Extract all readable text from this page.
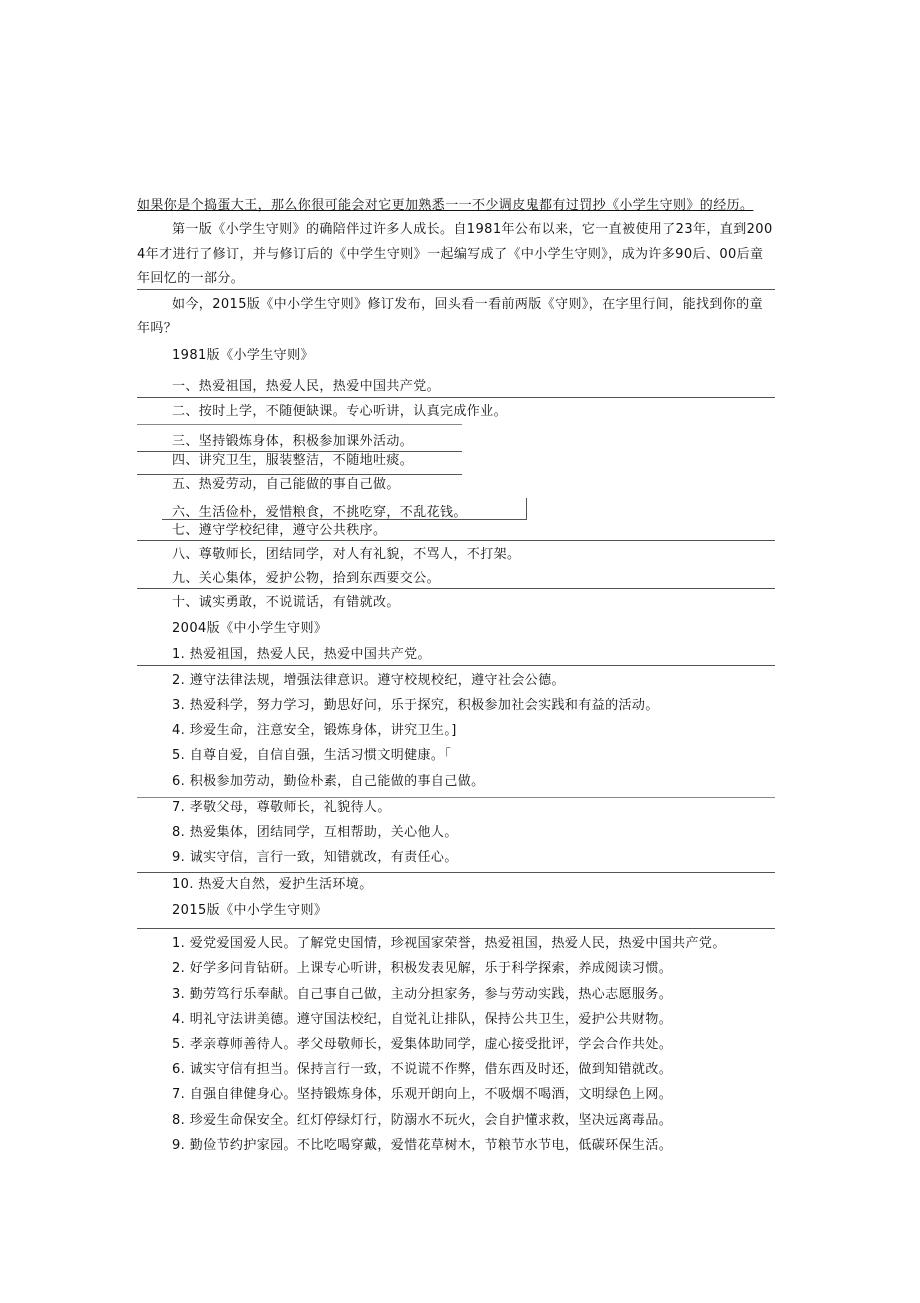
如果你是个捣蛋大王，那么你很可能会对它更加熟悉一一不少调皮鬼都有过罚抄《小学生守则》的经历。
第一版《小学生守则》的确陪伴过许多人成长。自1981年公布以来，它一直被使用了23年，直到200
4年才进行了修订，并与修订后的《中学生守则》一起编写成了《中小学生守则》，成为许多90后、00后童
年回忆的一部分。
如今，2015版《中小学生守则》修订发布，回头看一看前两版《守则》，在字里行间，能找到你的童
年吗？
1981版《小学生守则》
一、热爱祖国，热爱人民，热爱中国共产党。
二、按时上学，不随便缺课。专心听讲，认真完成作业。
三、坚持锻炼身体，积极参加课外活动。
四、讲究卫生，服装整洁，不随地吐痰。
五、热爱劳动，自己能做的事自己做。
六、生活俭朴，爱惜粮食，不挑吃穿，不乱花钱。
七、遵守学校纪律，遵守公共秩序。
八、尊敬师长，团结同学，对人有礼貌，不骂人，不打架。
九、关心集体，爱护公物，拾到东西要交公。
十、诚实勇敢，不说谎话，有错就改。
2004版《中小学生守则》
1. 热爱祖国，热爱人民，热爱中国共产党。
2. 遵守法律法规，增强法律意识。遵守校规校纪，遵守社会公德。
3. 热爱科学，努力学习，勤思好问，乐于探究，积极参加社会实践和有益的活动。
4. 珍爱生命，注意安全，锻炼身体，讲究卫生。]
5. 自尊自爱，自信自强，生活习惯文明健康。「
6. 积极参加劳动，勤俭朴素，自己能做的事自己做。
7. 孝敬父母，尊敬师长，礼貌待人。
8. 热爱集体，团结同学，互相帮助，关心他人。
9. 诚实守信，言行一致，知错就改，有责任心。
10. 热爱大自然，爱护生活环境。
2015版《中小学生守则》
1. 爱党爱国爱人民。了解党史国情，珍视国家荣誉，热爱祖国，热爱人民，热爱中国共产党。
2. 好学多问肯钻研。上课专心听讲，积极发表见解，乐于科学探索，养成阅读习惯。
3. 勤劳笃行乐奉献。自己事自己做，主动分担家务，参与劳动实践，热心志愿服务。
4. 明礼守法讲美德。遵守国法校纪，自觉礼让排队，保持公共卫生，爱护公共财物。
5. 孝亲尊师善待人。孝父母敬师长，爱集体助同学，虚心接受批评，学会合作共处。
6. 诚实守信有担当。保持言行一致，不说谎不作弊，借东西及时还，做到知错就改。
7. 自强自律健身心。坚持锻炼身体，乐观开朗向上，不吸烟不喝酒，文明绿色上网。
8. 珍爱生命保安全。红灯停绿灯行，防溺水不玩火，会自护懂求救，坚决远离毒品。
9. 勤俭节约护家园。不比吃喝穿戴，爱惜花草树木，节粮节水节电，低碳环保生活。
